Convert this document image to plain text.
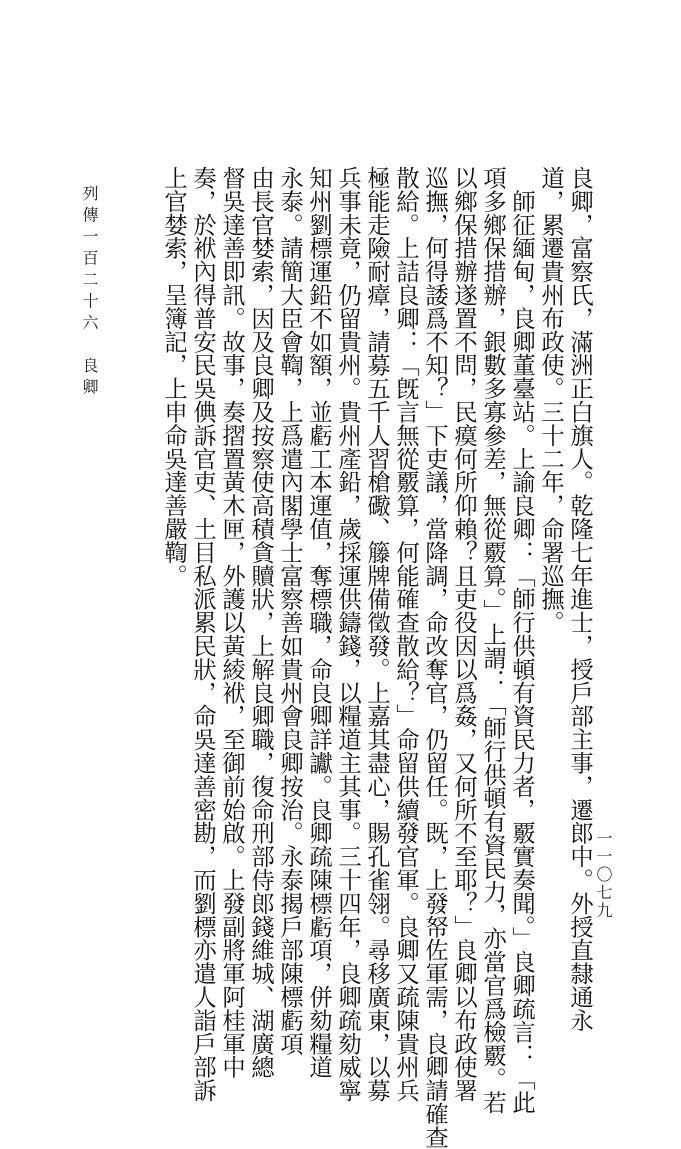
良卿，富察氏，滿洲正白旗人。乾隆七年進士，授戶部主事，遷郎中。外授直隸通永
道，累遷貴州布政使。三十二年，命署巡撫。
　師征緬甸，良卿董臺站。上諭良卿：「師行供頓有資民力者，覈實奏聞。」良卿疏言：「此
項多鄉保措辦，銀數多寡參差，無從覈算。」上謂：「師行供頓有資民力，亦當官爲檢覈。若
以鄉保措辦遂置不問，民瘼何所仰賴？且吏役因以爲姦，又何所不至耶？」良卿以布政使署
巡撫，何得諉爲不知？」下吏議，當降調，命改奪官，仍留任。既，上發帑佐軍需，良卿請確查
散給。上詰良卿：「旣言無從覈算，何能確查散給？」命留供續發官軍。良卿又疏陳貴州兵
極能走險耐瘴，請募五千人習槍礮、籐牌備徵發。上嘉其盡心，賜孔雀翎。尋移廣東，以募
兵事未竟，仍留貴州。貴州產鉛，歲採運供鑄錢，以糧道主其事。三十四年，良卿疏劾威寧
知州劉標運鉛不如額，並虧工本運值，奪標職，命良卿詳讞。良卿疏陳標虧項，併劾糧道
永泰。請簡大臣會鞫，上爲遣內閣學士富察善如貴州會良卿按治。永泰揭戶部陳標虧項
由長官婪索，因及良卿及按察使高積貪贖狀，上解良卿職，復命刑部侍郎錢維城、湖廣總
督吳達善即訊。故事，奏摺置黃木匣，外護以黃綾袱，至御前始啟。上發副將軍阿桂軍中
奏，於袱內得普安民吳倎訴官吏、土目私派累民狀，命吳達善密勘，而劉標亦遣人詣戶部訴
上官婪索，呈簿記，上申命吳達善嚴鞫。
列傳一百二十六　良卿
一一〇七九
